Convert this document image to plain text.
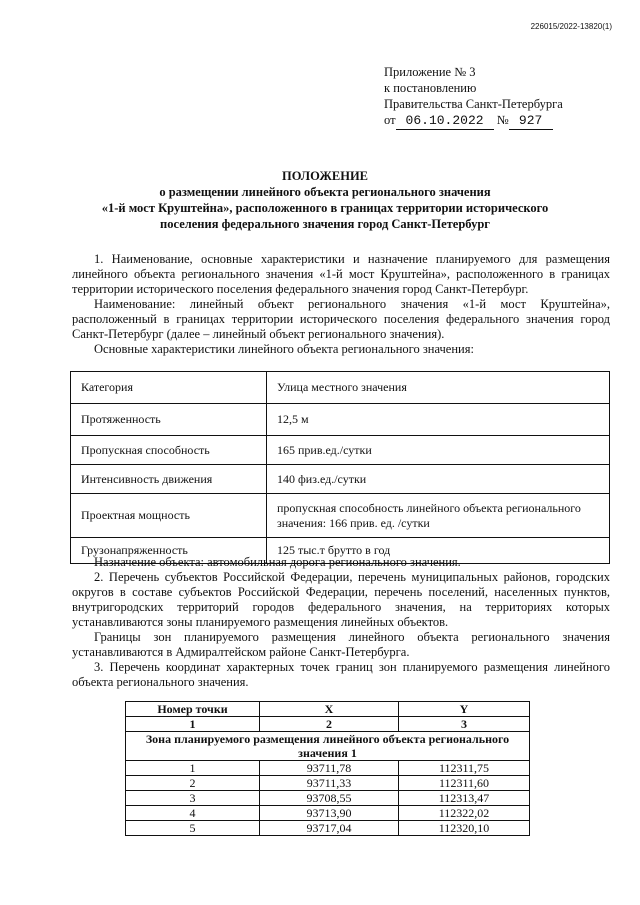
226015/2022-13820(1)
Приложение № 3
к постановлению
Правительства Санкт-Петербурга
от 06.10.2022 № 927
ПОЛОЖЕНИЕ
о размещении линейного объекта регионального значения
«1-й мост Круштейна», расположенного в границах территории исторического
поселения федерального значения город Санкт-Петербург

1. Наименование, основные характеристики и назначение планируемого для размещения линейного объекта регионального значения «1-й мост Круштейна», расположенного в границах территории исторического поселения федерального значения город Санкт-Петербург.

Наименование: линейный объект регионального значения «1-й мост Круштейна», расположенный в границах территории исторического поселения федерального значения город Санкт-Петербург (далее – линейный объект регионального значения).

Основные характеристики линейного объекта регионального значения:

Категория	Улица местного значения
Протяженность	12,5 м
Пропускная способность	165 прив.ед./сутки
Интенсивность движения	140 физ.ед./сутки
Проектная мощность	пропускная способность линейного объекта регионального значения: 166 прив. ед. /сутки
Грузонапряженность	125 тыс.т брутто в год

Назначение объекта: автомобильная дорога регионального значения.

2. Перечень субъектов Российской Федерации, перечень муниципальных районов, городских округов в составе субъектов Российской Федерации, перечень поселений, населенных пунктов, внутригородских территорий городов федерального значения, на территориях которых устанавливаются зоны планируемого размещения линейных объектов.

Границы зон планируемого размещения линейного объекта регионального значения устанавливаются в Адмиралтейском районе Санкт-Петербурга.

3. Перечень координат характерных точек границ зон планируемого размещения линейного объекта регионального значения.

Номер точки	X	Y
1	2	3
Зона планируемого размещения линейного объекта регионального значения 1		
1	93711,78	112311,75
2	93711,33	112311,60
3	93708,55	112313,47
4	93713,90	112322,02
5	93717,04	112320,10
